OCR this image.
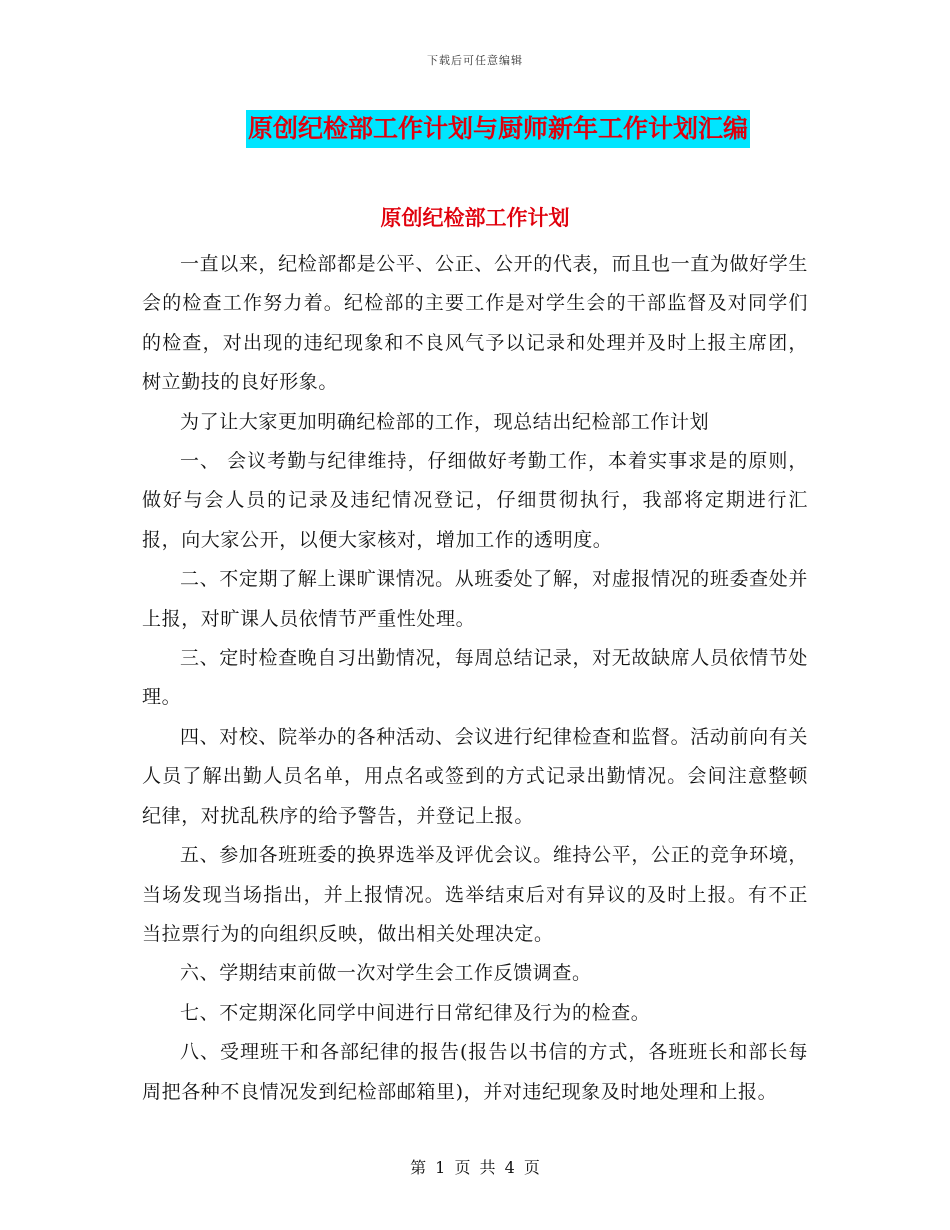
下载后可任意编辑
原创纪检部工作计划与厨师新年工作计划汇编
原创纪检部工作计划

一直以来，纪检部都是公平、公正、公开的代表，而且也一直为做好学生会的检查工作努力着。纪检部的主要工作是对学生会的干部监督及对同学们的检查，对出现的违纪现象和不良风气予以记录和处理并及时上报主席团，树立勤技的良好形象。

为了让大家更加明确纪检部的工作，现总结出纪检部工作计划

一、 会议考勤与纪律维持，仔细做好考勤工作，本着实事求是的原则，做好与会人员的记录及违纪情况登记，仔细贯彻执行，我部将定期进行汇报，向大家公开，以便大家核对，增加工作的透明度。

二、不定期了解上课旷课情况。从班委处了解，对虚报情况的班委查处并上报，对旷课人员依情节严重性处理。

三、定时检查晚自习出勤情况，每周总结记录，对无故缺席人员依情节处理。

四、对校、院举办的各种活动、会议进行纪律检查和监督。活动前向有关人员了解出勤人员名单，用点名或签到的方式记录出勤情况。会间注意整顿纪律，对扰乱秩序的给予警告，并登记上报。

五、参加各班班委的换界选举及评优会议。维持公平，公正的竞争环境，当场发现当场指出，并上报情况。选举结束后对有异议的及时上报。有不正当拉票行为的向组织反映，做出相关处理决定。

六、学期结束前做一次对学生会工作反馈调查。

七、不定期深化同学中间进行日常纪律及行为的检查。

八、受理班干和各部纪律的报告(报告以书信的方式，各班班长和部长每周把各种不良情况发到纪检部邮箱里)，并对违纪现象及时地处理和上报。

第 1 页 共 4 页
